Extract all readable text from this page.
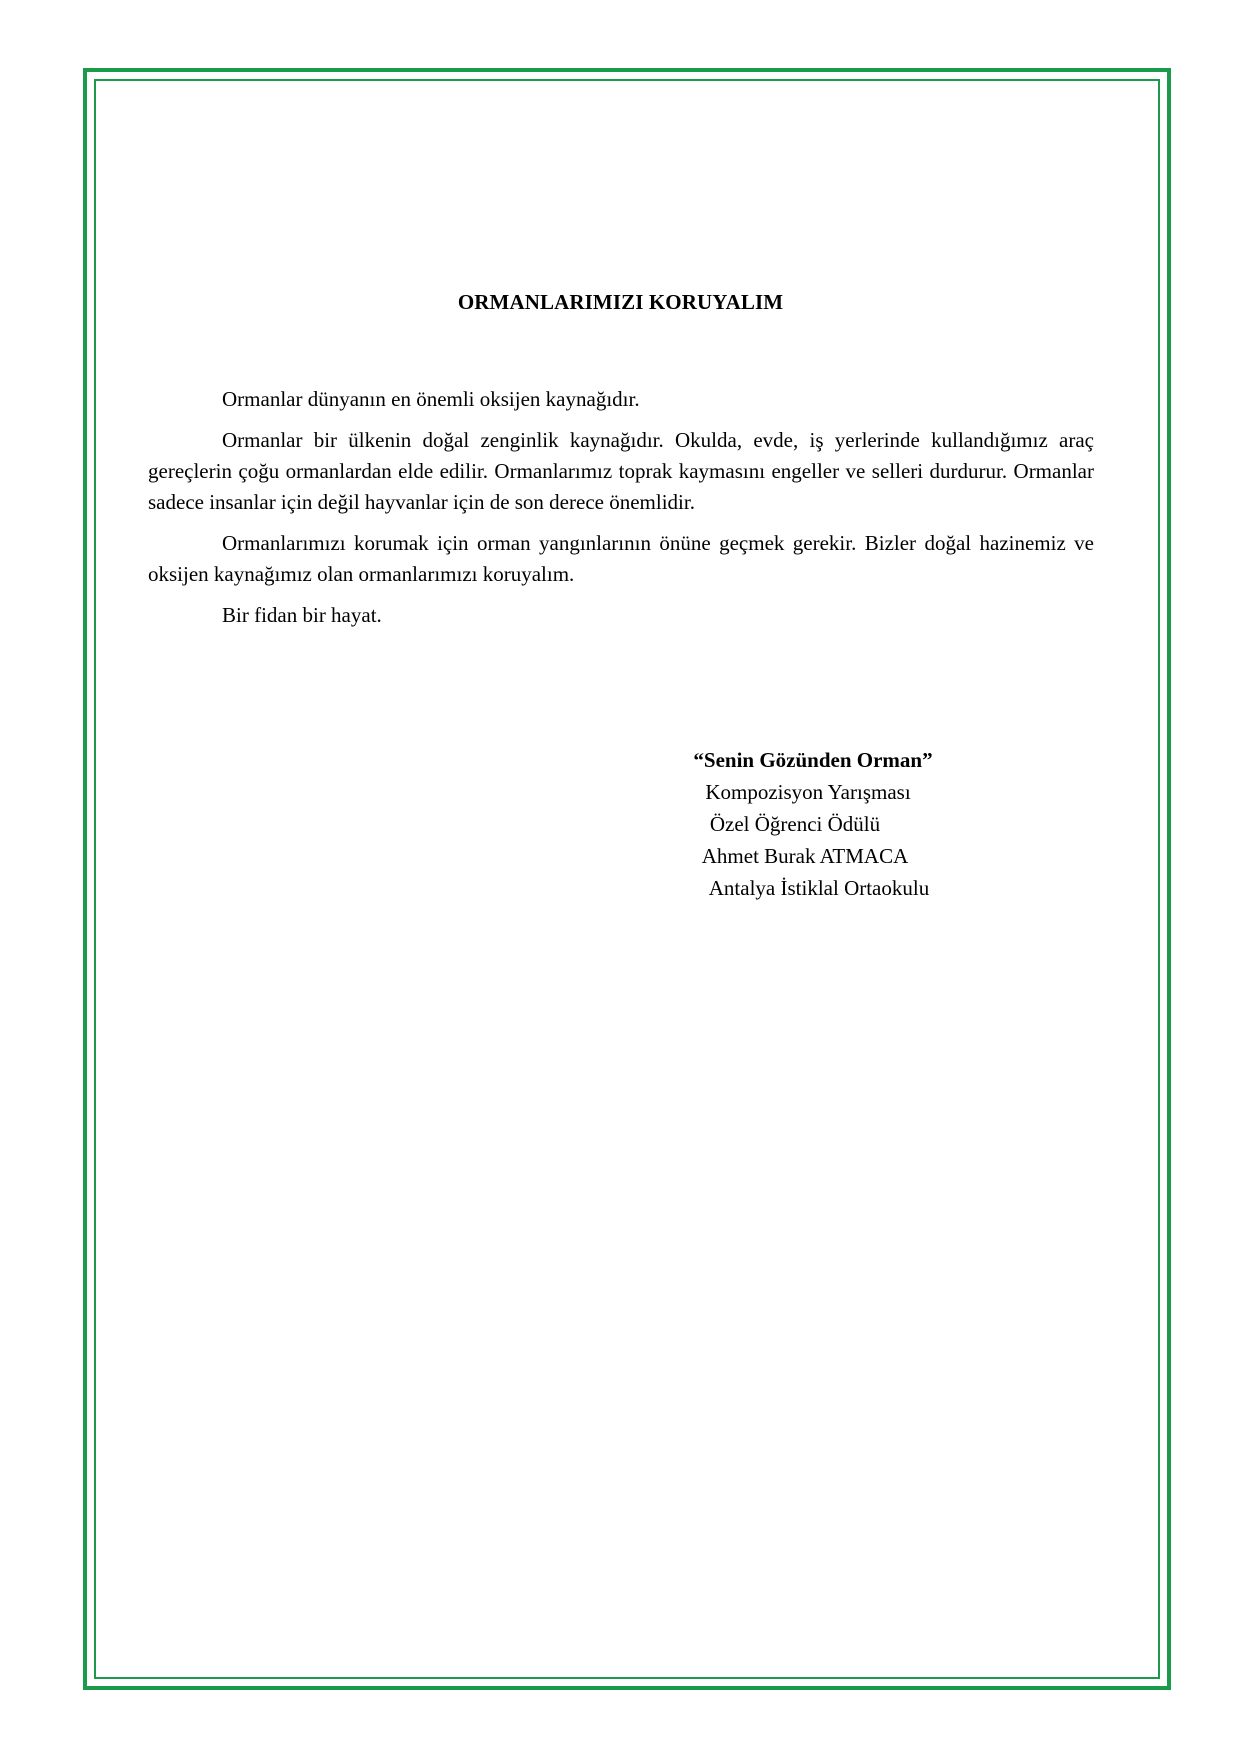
ORMANLARIMIZI KORUYALIM

Ormanlar dünyanın en önemli oksijen kaynağıdır.

Ormanlar bir ülkenin doğal zenginlik kaynağıdır. Okulda, evde, iş yerlerinde kullandığımız araç gereçlerin çoğu ormanlardan elde edilir. Ormanlarımız toprak kaymasını engeller ve selleri durdurur. Ormanlar sadece insanlar için değil hayvanlar için de son derece önemlidir.

Ormanlarımızı korumak için orman yangınlarının önüne geçmek gerekir. Bizler doğal hazinemiz ve oksijen kaynağımız olan ormanlarımızı koruyalım.

Bir fidan bir hayat.

“Senin Gözünden Orman”
Kompozisyon Yarışması
Özel Öğrenci Ödülü
Ahmet Burak ATMACA
Antalya İstiklal Ortaokulu
